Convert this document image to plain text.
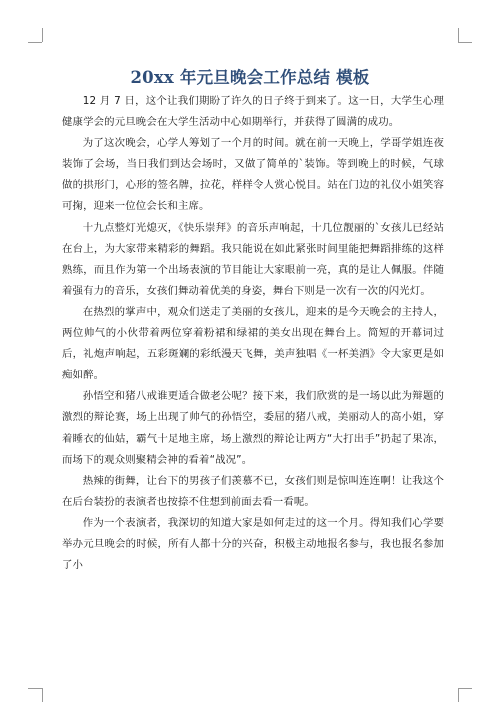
20xx 年元旦晚会工作总结 模板

12 月 7 日，这个让我们期盼了许久的日子终于到来了。这一日，大学生心理健康学会的元旦晚会在大学生活动中心如期举行，并获得了圆满的成功。

为了这次晚会，心学人筹划了一个月的时间。就在前一天晚上，学哥学姐连夜装饰了会场，当日我们到达会场时，又做了简单的`装饰。等到晚上的时候，气球做的拱形门，心形的签名牌，拉花，样样令人赏心悦目。站在门边的礼仪小姐笑容可掬，迎来一位位会长和主席。

十九点整灯光熄灭，《快乐崇拜》的音乐声响起，十几位靓丽的`女孩儿已经站在台上，为大家带来精彩的舞蹈。我只能说在如此紧张时间里能把舞蹈排练的这样熟练，而且作为第一个出场表演的节目能让大家眼前一亮，真的是让人佩服。伴随着强有力的音乐，女孩们舞动着优美的身姿，舞台下则是一次有一次的闪光灯。

在热烈的掌声中，观众们送走了美丽的女孩儿，迎来的是今天晚会的主持人，两位帅气的小伙带着两位穿着粉裙和绿裙的美女出现在舞台上。简短的开幕词过后，礼炮声响起，五彩斑斓的彩纸漫天飞舞，美声独唱《一杯美酒》令大家更是如痴如醉。

孙悟空和猪八戒谁更适合做老公呢？接下来，我们欣赏的是一场以此为辩题的激烈的辩论赛，场上出现了帅气的孙悟空，委屈的猪八戒，美丽动人的高小姐，穿着睡衣的仙姑，霸气十足地主席，场上激烈的辩论让两方“大打出手”扔起了果冻，而场下的观众则聚精会神的看着“战况”。

热辣的街舞，让台下的男孩子们羡慕不已，女孩们则是惊叫连连啊！让我这个在后台装扮的表演者也按捺不住想到前面去看一看呢。

作为一个表演者，我深切的知道大家是如何走过的这一个月。得知我们心学要举办元旦晚会的时候，所有人都十分的兴奋，积极主动地报名参与，我也报名参加了小
